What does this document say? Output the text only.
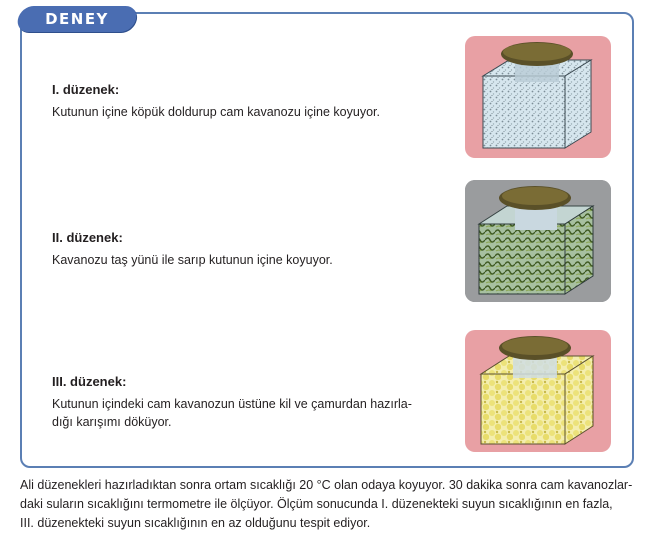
DENEY
I. düzenek:

Kutunun içine köpük doldurup cam kavanozu içine koyuyor.

II. düzenek:

Kavanozu taş yünü ile sarıp kutunun içine koyuyor.

III. düzenek:

Kutunun içindeki cam kavanozun üstüne kil ve çamurdan hazırla-
dığı karışımı döküyor.

Ali düzenekleri hazırladıktan sonra ortam sıcaklığı 20 °C olan odaya koyuyor. 30 dakika sonra cam kavanozlar-

daki suların sıcaklığını termometre ile ölçüyor. Ölçüm sonucunda I. düzenekteki suyun sıcaklığının en fazla,

III. düzenekteki suyun sıcaklığının en az olduğunu tespit ediyor.
